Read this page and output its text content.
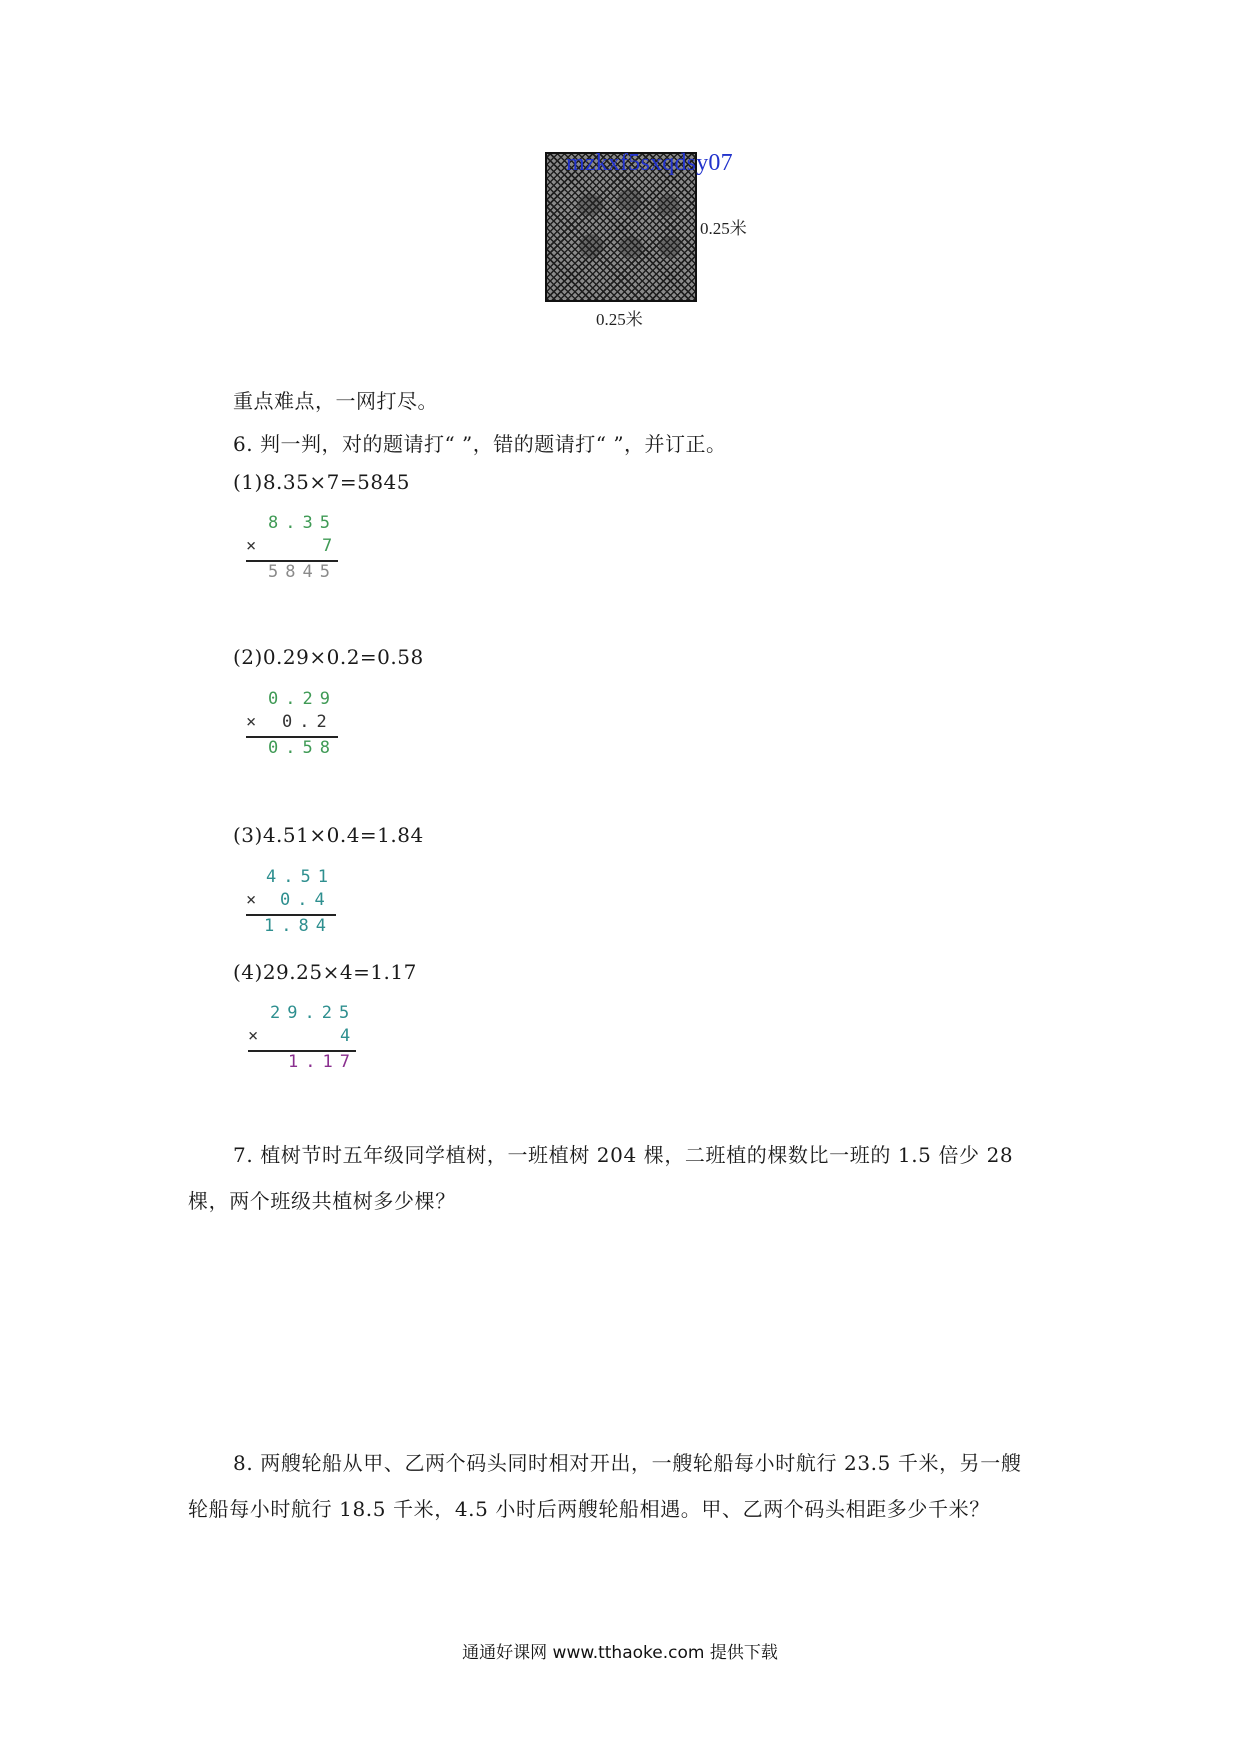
mzkxf5sxqdsy07
0.25米
0.25米
重点难点，一网打尽。
6. 判一判，对的题请打“ ”，错的题请打“ ”，并订正。
(1)8.35×7=5845

8.35

×

	7

5845

(2)0.29×0.2=0.58

0.29

×

0.2

0.58

(3)4.51×0.4=1.84

4.51

×

0.4

1.84

(4)29.25×4=1.17

29.25

×

	4

1.17

7. 植树节时五年级同学植树，一班植树 204 棵，二班植的棵数比一班的 1.5 倍少 28
棵，两个班级共植树多少棵？
8. 两艘轮船从甲、乙两个码头同时相对开出，一艘轮船每小时航行 23.5 千米，另一艘
轮船每小时航行 18.5 千米，4.5 小时后两艘轮船相遇。甲、乙两个码头相距多少千米？
通通好课网 www.tthaoke.com 提供下载
